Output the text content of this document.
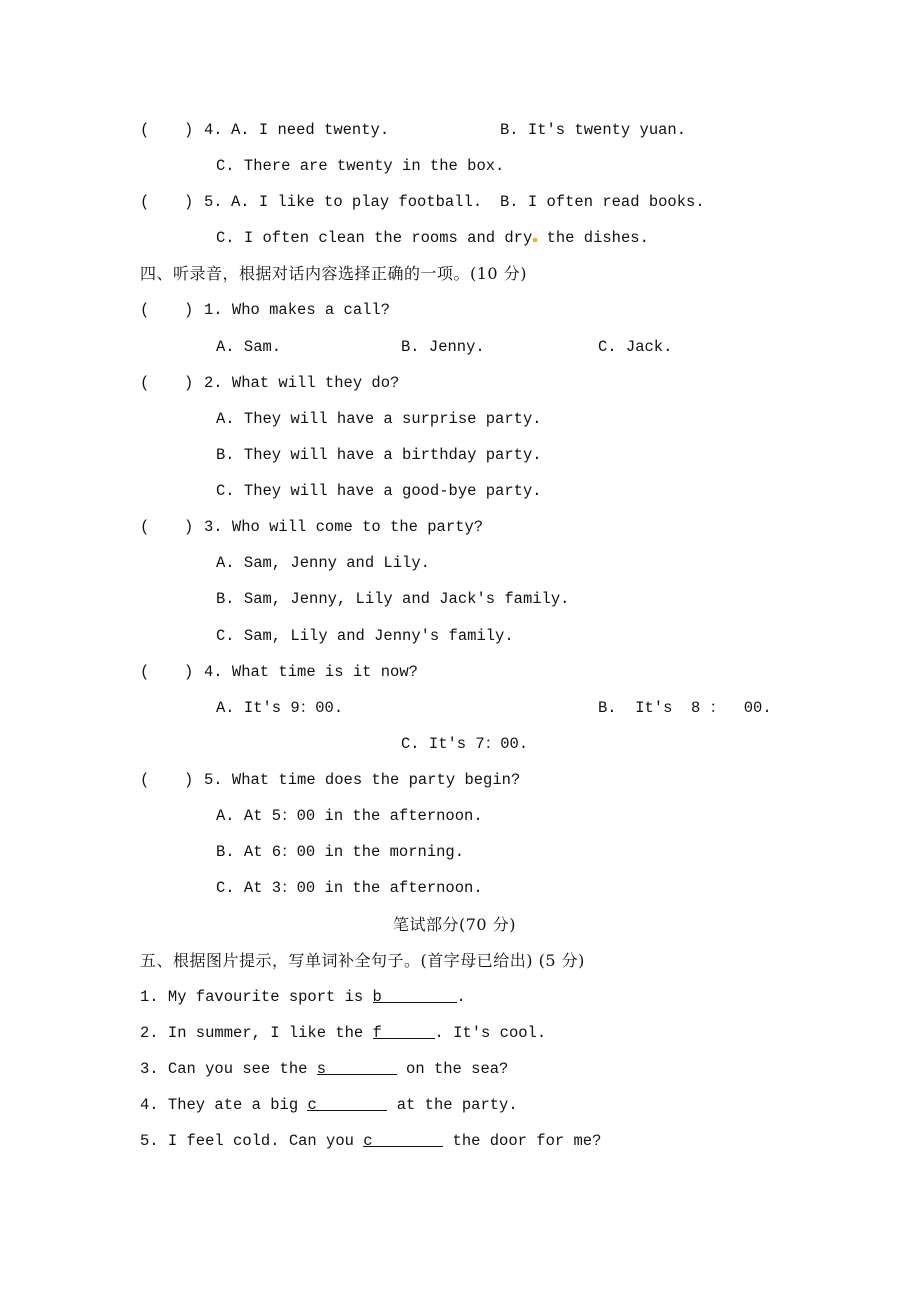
( ) 4. A. I need twenty.	B. It's twenty yuan.
C. There are twenty in the box.
( ) 5. A. I like to play football. B. I often read books.
C. I often clean the rooms and dry the dishes.
四、听录音，根据对话内容选择正确的一项。(10 分)
( ) 1. Who makes a call?
A. Sam.	B. Jenny.	C. Jack.
( ) 2. What will they do?
A. They will have a surprise party.
B. They will have a birthday party.
C. They will have a good-bye party.
( ) 3. Who will come to the party?
A. Sam, Jenny and Lily.
B. Sam, Jenny, Lily and Jack's family.
C. Sam, Lily and Jenny's family.
( ) 4. What time is it now?
A. It's 9：00.	B.  It's  8 ：  00.
C. It's 7：00.
( ) 5. What time does the party begin?
A. At 5：00 in the afternoon.
B. At 6：00 in the morning.
C. At 3：00 in the afternoon.
笔试部分(70 分)
五、根据图片提示，写单词补全句子。(首字母已给出) (5 分)
1. My favourite sport is b	.
2. In summer, I like the f	. It's cool.
3. Can you see the s	on the sea?
4. They ate a big c	at the party.
5. I feel cold. Can you c	the door for me?
